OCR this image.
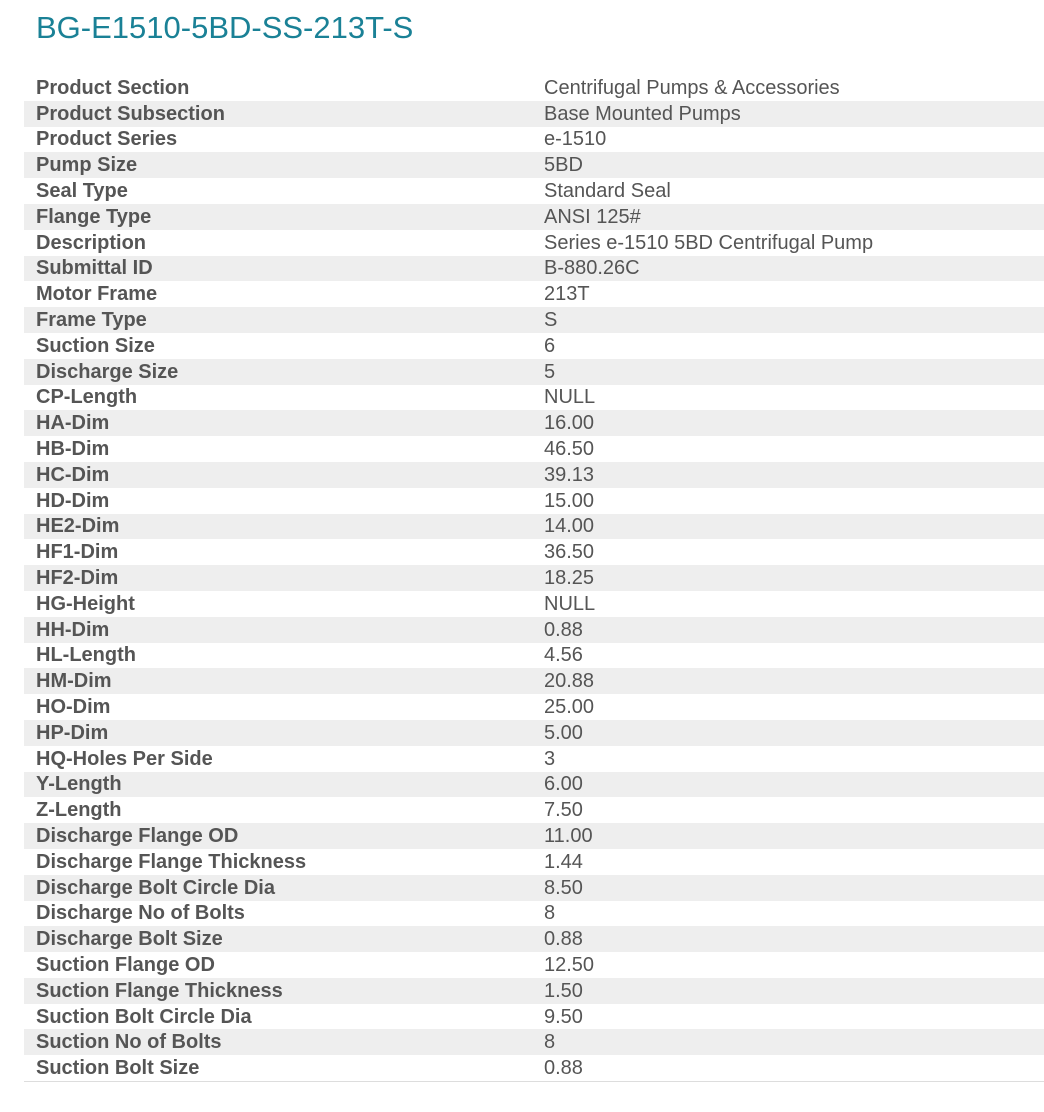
BG-E1510-5BD-SS-213T-S
Product Section	Centrifugal Pumps & Accessories
Product Subsection	Base Mounted Pumps
Product Series	e-1510
Pump Size	5BD
Seal Type	Standard Seal
Flange Type	ANSI 125#
Description	Series e-1510 5BD Centrifugal Pump
Submittal ID	B-880.26C
Motor Frame	213T
Frame Type	S
Suction Size	6
Discharge Size	5
CP-Length	NULL
HA-Dim	16.00
HB-Dim	46.50
HC-Dim	39.13
HD-Dim	15.00
HE2-Dim	14.00
HF1-Dim	36.50
HF2-Dim	18.25
HG-Height	NULL
HH-Dim	0.88
HL-Length	4.56
HM-Dim	20.88
HO-Dim	25.00
HP-Dim	5.00
HQ-Holes Per Side	3
Y-Length	6.00
Z-Length	7.50
Discharge Flange OD	11.00
Discharge Flange Thickness	1.44
Discharge Bolt Circle Dia	8.50
Discharge No of Bolts	8
Discharge Bolt Size	0.88
Suction Flange OD	12.50
Suction Flange Thickness	1.50
Suction Bolt Circle Dia	9.50
Suction No of Bolts	8
Suction Bolt Size	0.88
